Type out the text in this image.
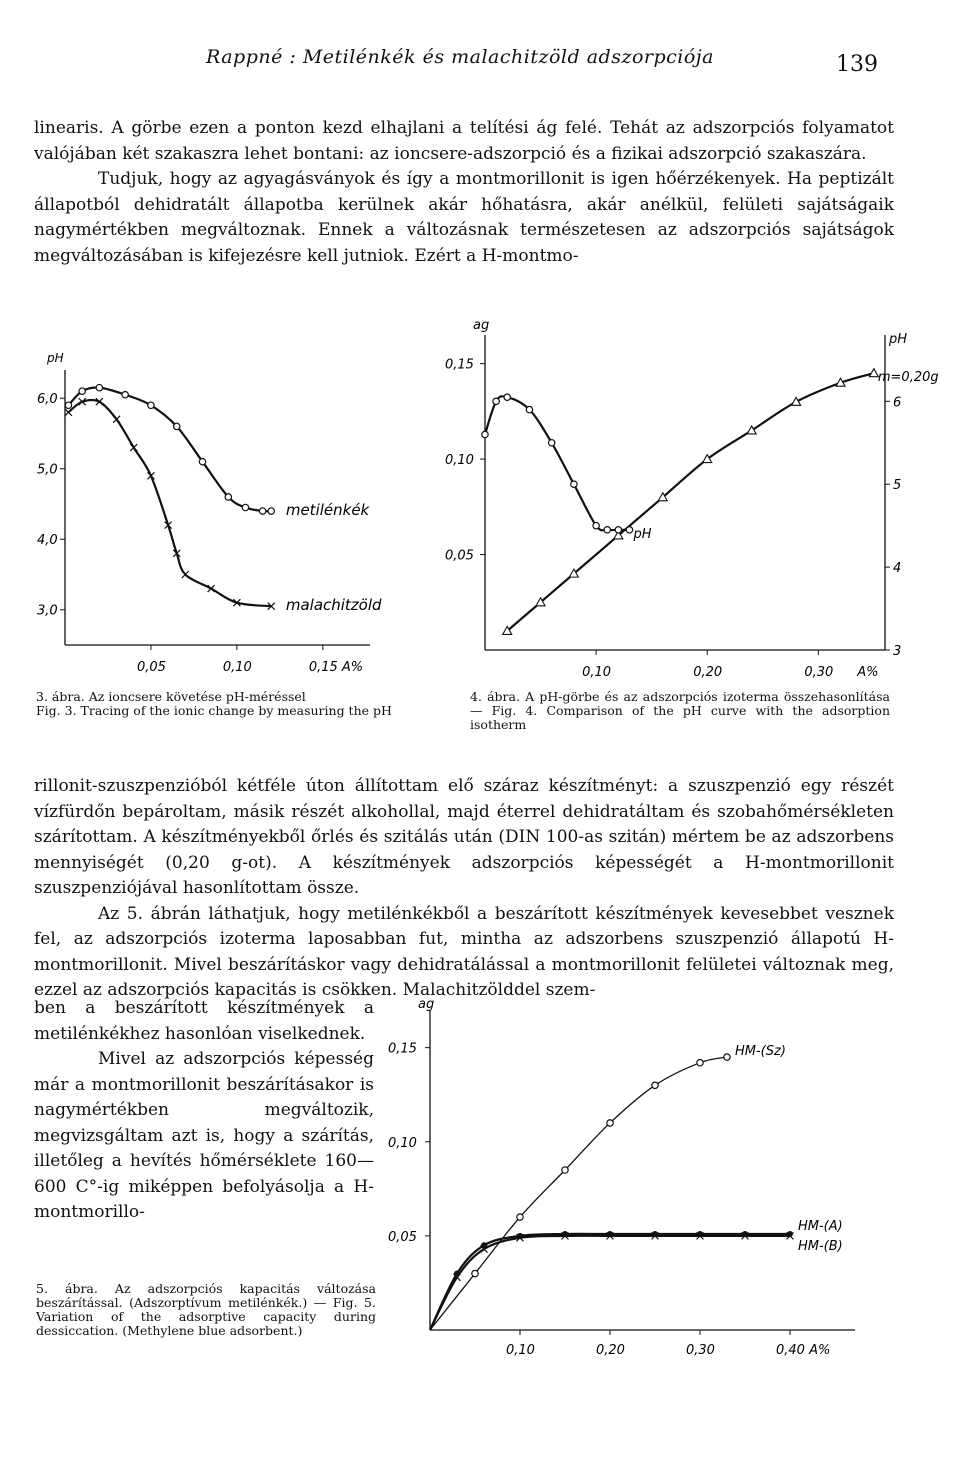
Rappné : Metilénkék és malachitzöld adszorpciója	139

linearis. A görbe ezen a ponton kezd elhajlani a telítési ág felé. Tehát az adszorpciós folyamatot valójában két szakaszra lehet bontani: az ioncsere-adszorpció és a fizikai adszorpció szakaszára.

Tudjuk, hogy az agyagásványok és így a montmorillonit is igen hőérzékenyek. Ha peptizált állapotból dehidratált állapotba kerülnek akár hőhatásra, akár anélkül, felületi sajátságaik nagymértékben megváltoznak. Ennek a változásnak természetesen az adszorpciós sajátságok megváltozásában is kifejezésre kell jutniok. Ezért a H-montmo-

pH
6,0
5,0
4,0
3,0
0,05	0,10	0,15 A%
metilénkék
malachitzöld
ag
pH
0,15
0,10
0,05
6
5
4
3
0,10	0,20	0,30 A%
m=0,20g
pH
3. ábra. Az ioncsere követése pH-méréssel
Fig. 3. Tracing of the ionic change by measuring the pH
4. ábra. A pH-görbe és az adszorpciós izoterma összehasonlítása — Fig. 4. Comparison of the pH curve with the adsorption isotherm

rillonit-szuszpenzióból kétféle úton állítottam elő száraz készítményt: a szuszpenzió egy részét vízfürdőn bepároltam, másik részét alkohollal, majd éterrel dehidratáltam és szobahőmérsékleten szárítottam. A készítményekből őrlés és szitálás után (DIN 100-as szitán) mértem be az adszorbens mennyiségét (0,20 g-ot). A készítmények adszorpciós képességét a H-montmorillonit szuszpenziójával hasonlítottam össze.

Az 5. ábrán láthatjuk, hogy metilénkékből a beszárított készítmények kevesebbet vesznek fel, az adszorpciós izoterma laposabban fut, mintha az adszorbens szuszpenzió állapotú H-montmorillonit. Mivel beszárításkor vagy dehidratálással a montmorillonit felületei változnak meg, ezzel az adszorpciós kapacitás is csökken. Malachitzölddel szem-

ben a beszárított készítmények a metilénkékhez hasonlóan viselkednek.

Mivel az adszorpciós képesség már a montmorillonit beszárításakor is nagymértékben megváltozik, megvizsgáltam azt is, hogy a szárítás, illetőleg a hevítés hőmérséklete 160—600 C°-ig miképpen befolyásolja a H-montmorillo-

ag
0,15
0,10
0,05
0,10	0,20	0,30	0,40 A%
HM-(Sz)
HM-(A)
HM-(B)
5. ábra. Az adszorpciós kapacitás változása beszárítással. (Adszorptívum metilénkék.) — Fig. 5. Variation of the adsorptive capacity during dessiccation. (Methylene blue adsorbent.)
